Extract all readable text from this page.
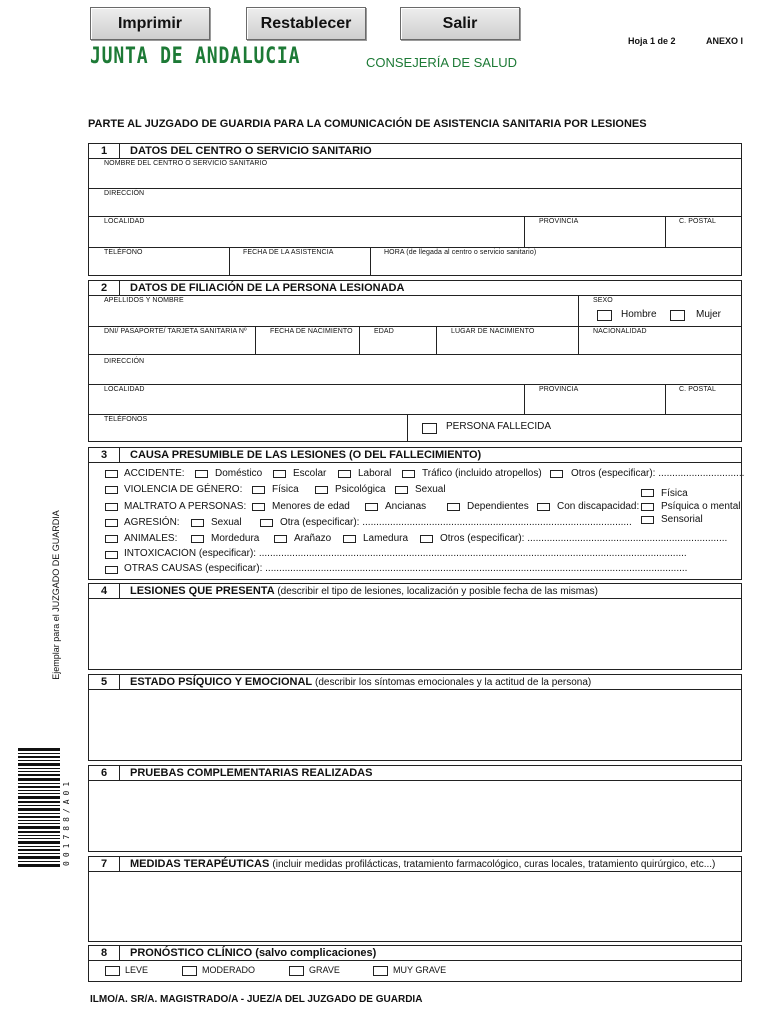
Imprimir	Restablecer	Salir
JUNTA DE ANDALUCIA	CONSEJERÍA DE SALUD
Hoja 1 de 2	ANEXO I
PARTE AL JUZGADO DE GUARDIA PARA LA COMUNICACIÓN DE ASISTENCIA SANITARIA POR LESIONES
1	DATOS DEL CENTRO O SERVICIO SANITARIO
NOMBRE DEL CENTRO O SERVICIO SANITARIO
DIRECCIÓN
LOCALIDAD	PROVINCIA	C. POSTAL
TELÉFONO	FECHA DE LA ASISTENCIA	HORA (de llegada al centro o servicio sanitario)
2	DATOS DE FILIACIÓN DE LA PERSONA LESIONADA
APELLIDOS Y NOMBRE	SEXO
Hombre	Mujer
DNI/ PASAPORTE/ TARJETA SANITARIA Nº	FECHA DE NACIMIENTO	EDAD	LUGAR DE NACIMIENTO	NACIONALIDAD
DIRECCIÓN
LOCALIDAD	PROVINCIA	C. POSTAL
TELÉFONOS
PERSONA FALLECIDA
3	CAUSA PRESUMIBLE DE LAS LESIONES (O DEL FALLECIMIENTO)
ACCIDENTE:	Doméstico	Escolar	Laboral	Tráfico (incluido atropellos)	Otros (especificar): ...............................
VIOLENCIA DE GÉNERO:	Física	Psicológica	Sexual	Física
Psíquica o mental
Sensorial
MALTRATO A PERSONAS:	Menores de edad	Ancianas	Dependientes	Con discapacidad:
AGRESIÓN:	Sexual	Otra (especificar): .................................................................................................
ANIMALES:	Mordedura	Arañazo	Lamedura	Otros (especificar): ........................................................................
INTOXICACIÓN (especificar): ..........................................................................................................................................................
OTRAS CAUSAS (especificar): ........................................................................................................................................................
4	LESIONES QUE PRESENTA (describir el tipo de lesiones, localización y posible fecha de las mismas)
5	ESTADO PSÍQUICO Y EMOCIONAL (describir los síntomas emocionales y la actitud de la persona)
6	PRUEBAS COMPLEMENTARIAS REALIZADAS
7	MEDIDAS TERAPÉUTICAS (incluir medidas profilácticas, tratamiento farmacológico, curas locales, tratamiento quirúrgico, etc...)
8	PRONÓSTICO CLÍNICO (salvo complicaciones)
LEVE	MODERADO	GRAVE	MUY GRAVE
ILMO/A. SR/A. MAGISTRADO/A - JUEZ/A DEL JUZGADO DE GUARDIA
Ejemplar para el JUZGADO DE GUARDIA
001788/A01
